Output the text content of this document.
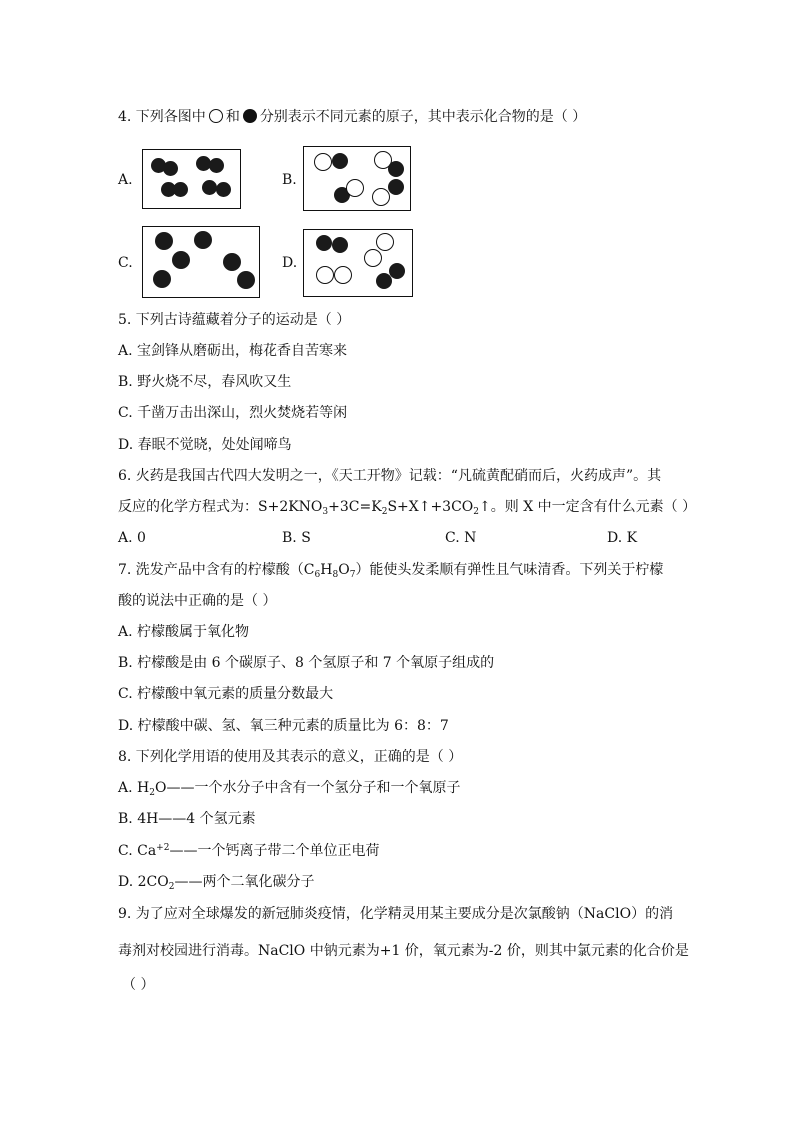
4. 下列各图中 和 分别表示不同元素的原子，其中表示化合物的是（ ）
A.	B.
C.	D.
5. 下列古诗蕴藏着分子的运动是（ ）
A. 宝剑锋从磨砺出，梅花香自苦寒来
B. 野火烧不尽，春风吹又生
C. 千凿万击出深山，烈火焚烧若等闲
D. 春眠不觉晓，处处闻啼鸟
6. 火药是我国古代四大发明之一，《天工开物》记载：“凡硫黄配硝而后，火药成声”。其
反应的化学方程式为：$S+2KNO_3+3C=K_2S+X↑+3CO_2↑$。则 X 中一定含有什么元素（ ）
A. 0	B. S	C. N	D. K
7. 洗发产品中含有的柠檬酸$(C_6H_8O_7)$能使头发柔顺有弹性且气味清香。下列关于柠檬
酸的说法中正确的是（ ）
A. 柠檬酸属于氧化物
B. 柠檬酸是由 6 个碳原子、8 个氢原子和 7 个氧原子组成的
C. 柠檬酸中氧元素的质量分数最大
D. 柠檬酸中碳、氢、氧三种元素的质量比为 6：8：7
8. 下列化学用语的使用及其表示的意义，正确的是（ ）
A. $H_2O——$一个水分子中含有一个氢分子和一个氧原子
B. 4H——4 个氢元素
C. $Ca^{+2}——$一个钙离子带二个单位正电荷
D. $2CO_2——$两个二氧化碳分子
9. 为了应对全球爆发的新冠肺炎疫情，化学精灵用某主要成分是次氯酸钠（NaClO）的消
毒剂对校园进行消毒。NaClO 中钠元素为+1 价，氧元素为-2 价，则其中氯元素的化合价是
（ ）
